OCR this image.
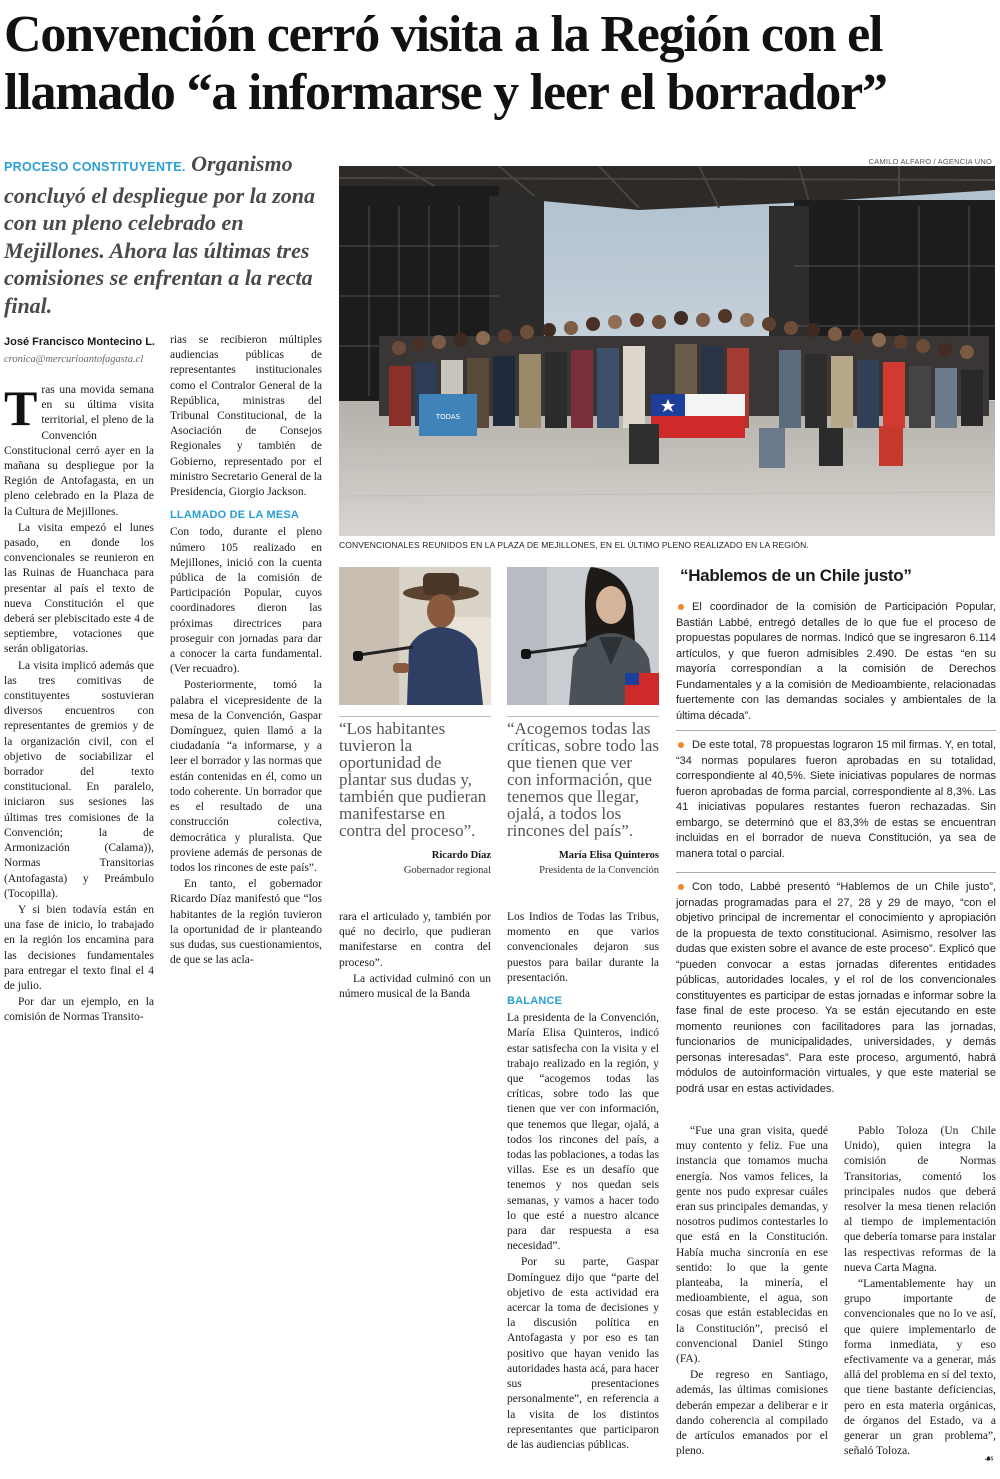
Convención cerró visita a la Región con el
llamado “a informarse y leer el borrador”
PROCESO CONSTITUYENTE. Organismo concluyó el despliegue por la zona con un pleno celebrado en Mejillones. Ahora las últimas tres comisiones se enfrentan a la recta final.
José Francisco Montecino L.
cronica@mercurioantofagasta.cl

Tras una movida semana en su última visita territorial, el pleno de la Convención Constitucional cerró ayer en la mañana su despliegue por la Región de Antofagasta, en un pleno celebrado en la Plaza de la Cultura de Mejillones.

La visita empezó el lunes pasado, en donde los convencionales se reunieron en las Ruinas de Huanchaca para presentar al país el texto de nueva Constitución el que deberá ser plebiscitado este 4 de septiembre, votaciones que serán obligatorias.

La visita implicó además que las tres comitivas de constituyentes sostuvieran diversos encuentros con representantes de gremios y de la organización civil, con el objetivo de sociabilizar el borrador del texto constitucional. En paralelo, iniciaron sus sesiones las últimas tres comisiones de la Convención; la de Armonización (Calama)), Normas Transitorias (Antofagasta) y Preámbulo (Tocopilla).

Y si bien todavía están en una fase de inicio, lo trabajado en la región los encamina para las decisiones fundamentales para entregar el texto final el 4 de julio.

Por dar un ejemplo, en la comisión de Normas Transito-

rias se recibieron múltiples audiencias públicas de representantes institucionales como el Contralor General de la República, ministras del Tribunal Constitucional, de la Asociación de Consejos Regionales y también de Gobierno, representado por el ministro Secretario General de la Presidencia, Giorgio Jackson.

LLAMADO DE LA MESA

Con todo, durante el pleno número 105 realizado en Mejillones, inició con la cuenta pública de la comisión de Participación Popular, cuyos coordinadores dieron las próximas directrices para proseguir con jornadas para dar a conocer la carta fundamental. (Ver recuadro).

Posteriormente, tomó la palabra el vicepresidente de la mesa de la Convención, Gaspar Domínguez, quien llamó a la ciudadanía “a informarse, y a leer el borrador y las normas que están contenidas en él, como un todo coherente. Un borrador que es el resultado de una construcción colectiva, democrática y pluralista. Que proviene además de personas de todos los rincones de este país”.

En tanto, el gobernador Ricardo Díaz manifestó que “los habitantes de la región tuvieron la oportunidad de ir planteando sus dudas, sus cuestionamientos, de que se las acla-

CAMILO ALFARO / AGENCIA UNO
TODAS
CONVENCIONALES REUNIDOS EN LA PLAZA DE MEJILLONES, EN EL ÚLTIMO PLENO REALIZADO EN LA REGIÓN.
“Los habitantes tuvieron la oportunidad de plantar sus dudas y, también que pudieran manifestarse en contra del proceso”.
Ricardo Díaz
Gobernador regional
“Acogemos todas las críticas, sobre todo las que tienen que ver con información, que tenemos que llegar, ojalá, a todos los rincones del país”.
María Elisa Quinteros
Presidenta de la Convención

rara el articulado y, también por qué no decirlo, que pudieran manifestarse en contra del proceso”.

La actividad culminó con un número musical de la Banda

Los Indios de Todas las Tribus, momento en que varios convencionales dejaron sus puestos para bailar durante la presentación.

BALANCE

La presidenta de la Convención, María Elisa Quinteros, indicó estar satisfecha con la visita y el trabajo realizado en la región, y que “acogemos todas las críticas, sobre todo las que tienen que ver con información, que tenemos que llegar, ojalá, a todos los rincones del país, a todas las poblaciones, a todas las villas. Ese es un desafío que tenemos y nos quedan seis semanas, y vamos a hacer todo lo que esté a nuestro alcance para dar respuesta a esa necesidad”.

Por su parte, Gaspar Domínguez dijo que “parte del objetivo de esta actividad era acercar la toma de decisiones y la discusión política en Antofagasta y por eso es tan positivo que hayan venido las autoridades hasta acá, para hacer sus presentaciones personalmente”, en referencia a la visita de los distintos representantes que participaron de las audiencias públicas.

“Hablemos de un Chile justo”
El coordinador de la comisión de Participación Popular, Bastián Labbé, entregó detalles de lo que fue el proceso de propuestas populares de normas. Indicó que se ingresaron 6.114 artículos, y que fueron admisibles 2.490. De estas “en su mayoría correspondían a la comisión de Derechos Fundamentales y a la comisión de Medioambiente, relacionadas fuertemente con las demandas sociales y ambientales de la última década”.
De este total, 78 propuestas lograron 15 mil firmas. Y, en total, “34 normas populares fueron aprobadas en su totalidad, correspondiente al 40,5%. Siete iniciativas populares de normas fueron aprobadas de forma parcial, correspondiente al 8,3%. Las 41 iniciativas populares restantes fueron rechazadas. Sin embargo, se determinó que el 83,3% de estas se encuentran incluidas en el borrador de nueva Constitución, ya sea de manera total o parcial.
Con todo, Labbé presentó “Hablemos de un Chile justo”, jornadas programadas para el 27, 28 y 29 de mayo, “con el objetivo principal de incrementar el conocimiento y apropiación de la propuesta de texto constitucional. Asimismo, resolver las dudas que existen sobre el avance de este proceso”. Explicó que “pueden convocar a estas jornadas diferentes entidades públicas, autoridades locales, y el rol de los convencionales constituyentes es participar de estas jornadas e informar sobre la fase final de este proceso. Ya se están ejecutando en este momento reuniones con facilitadores para las jornadas, funcionarios de municipalidades, universidades, y demás personas interesadas”. Para este proceso, argumentó, habrá módulos de autoinformación virtuales, y que este material se podrá usar en estas actividades.

“Fue una gran visita, quedé muy contento y feliz. Fue una instancia que tomamos mucha energía. Nos vamos felices, la gente nos pudo expresar cuáles eran sus principales demandas, y nosotros pudimos contestarles lo que está en la Constitución. Había mucha sincronía en ese sentido: lo que la gente planteaba, la minería, el medioambiente, el agua, son cosas que están establecidas en la Constitución”, precisó el convencional Daniel Stingo (FA).

De regreso en Santiago, además, las últimas comisiones deberán empezar a deliberar e ir dando coherencia al compilado de artículos emanados por el pleno.

Pablo Toloza (Un Chile Unido), quien integra la comisión de Normas Transitorias, comentó los principales nudos que deberá resolver la mesa tienen relación al tiempo de implementación que debería tomarse para instalar las respectivas reformas de la nueva Carta Magna.

“Lamentablemente hay un grupo importante de convencionales que no lo ve así, que quiere implementarlo de forma inmediata, y eso efectivamente va a generar, más allá del problema en sí del texto, que tiene bastante deficiencias, pero en esta materia orgánicas, de órganos del Estado, va a generar un gran problema”, señaló Toloza.

☙
